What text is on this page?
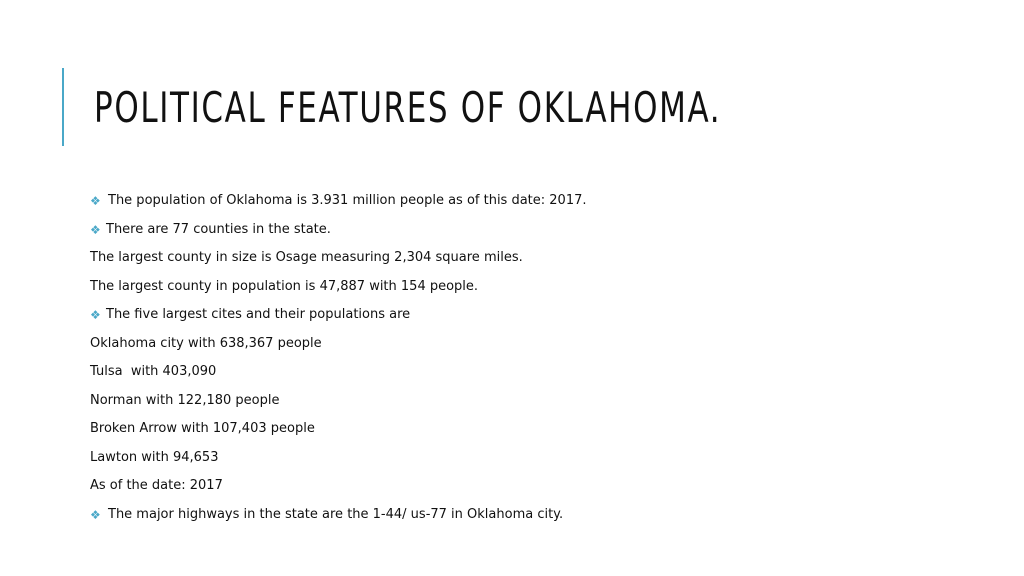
POLITICAL FEATURES OF OKLAHOMA.
❖ The population of Oklahoma is 3.931 million people as of this date: 2017.
❖ There are 77 counties in the state.
The largest county in size is Osage measuring 2,304 square miles.
The largest county in population is 47,887 with 154 people.
❖ The five largest cites and their populations are
Oklahoma city with 638,367 people
Tulsa  with 403,090
Norman with 122,180 people
Broken Arrow with 107,403 people
Lawton with 94,653
As of the date: 2017
❖ The major highways in the state are the 1-44/ us-77 in Oklahoma city.
